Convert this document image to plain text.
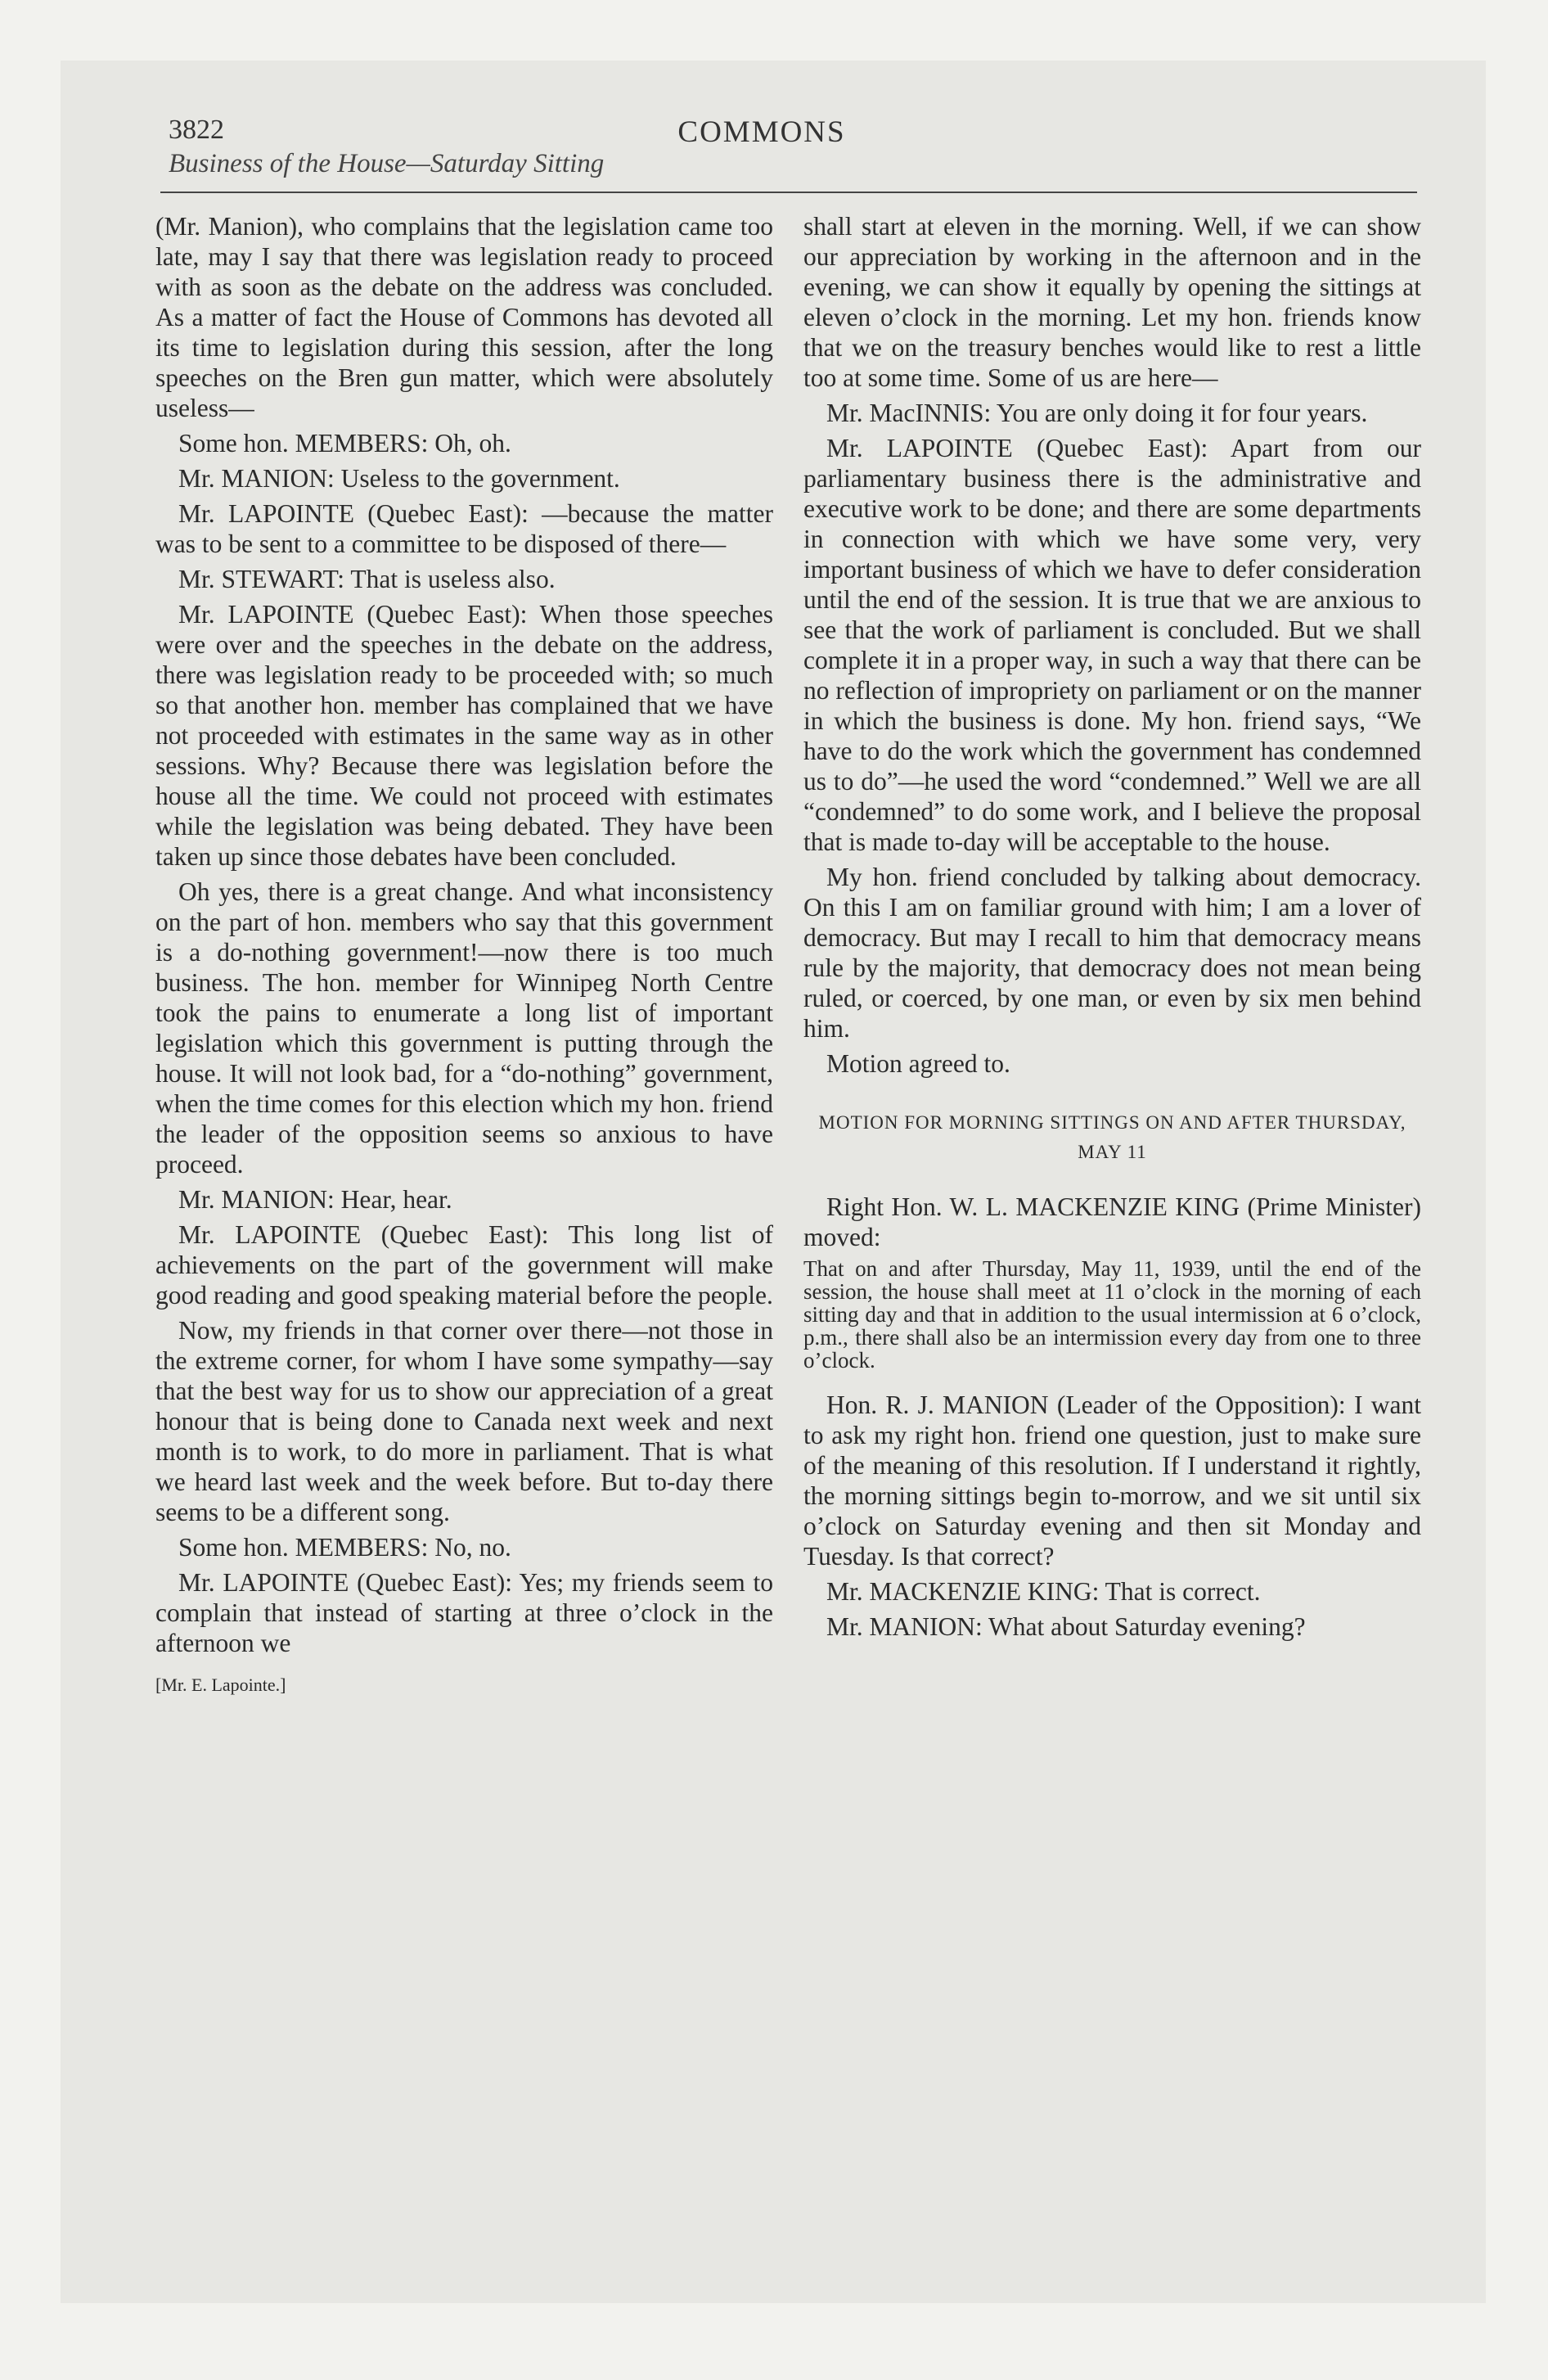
3822	COMMONS
Business of the House—Saturday Sitting

(Mr. Manion), who complains that the legislation came too late, may I say that there was legislation ready to proceed with as soon as the debate on the address was concluded. As a matter of fact the House of Commons has devoted all its time to legislation during this session, after the long speeches on the Bren gun matter, which were absolutely useless—

Some hon. MEMBERS: Oh, oh.

Mr. MANION: Useless to the government.

Mr. LAPOINTE (Quebec East): —because the matter was to be sent to a committee to be disposed of there—

Mr. STEWART: That is useless also.

Mr. LAPOINTE (Quebec East): When those speeches were over and the speeches in the debate on the address, there was legislation ready to be proceeded with; so much so that another hon. member has complained that we have not proceeded with estimates in the same way as in other sessions. Why? Because there was legislation before the house all the time. We could not proceed with estimates while the legislation was being debated. They have been taken up since those debates have been concluded.

Oh yes, there is a great change. And what inconsistency on the part of hon. members who say that this government is a do-nothing government!—now there is too much business. The hon. member for Winnipeg North Centre took the pains to enumerate a long list of important legislation which this government is putting through the house. It will not look bad, for a “do-nothing” government, when the time comes for this election which my hon. friend the leader of the opposition seems so anxious to have proceed.

Mr. MANION: Hear, hear.

Mr. LAPOINTE (Quebec East): This long list of achievements on the part of the government will make good reading and good speaking material before the people.

Now, my friends in that corner over there—not those in the extreme corner, for whom I have some sympathy—say that the best way for us to show our appreciation of a great honour that is being done to Canada next week and next month is to work, to do more in parliament. That is what we heard last week and the week before. But to-day there seems to be a different song.

Some hon. MEMBERS: No, no.

Mr. LAPOINTE (Quebec East): Yes; my friends seem to complain that instead of starting at three o’clock in the afternoon we

[Mr. E. Lapointe.]

shall start at eleven in the morning. Well, if we can show our appreciation by working in the afternoon and in the evening, we can show it equally by opening the sittings at eleven o’clock in the morning. Let my hon. friends know that we on the treasury benches would like to rest a little too at some time. Some of us are here—

Mr. MacINNIS: You are only doing it for four years.

Mr. LAPOINTE (Quebec East): Apart from our parliamentary business there is the administrative and executive work to be done; and there are some departments in connection with which we have some very, very important business of which we have to defer consideration until the end of the session. It is true that we are anxious to see that the work of parliament is concluded. But we shall complete it in a proper way, in such a way that there can be no reflection of impropriety on parliament or on the manner in which the business is done. My hon. friend says, “We have to do the work which the government has condemned us to do”—he used the word “condemned.” Well we are all “condemned” to do some work, and I believe the proposal that is made to-day will be acceptable to the house.

My hon. friend concluded by talking about democracy. On this I am on familiar ground with him; I am a lover of democracy. But may I recall to him that democracy means rule by the majority, that democracy does not mean being ruled, or coerced, by one man, or even by six men behind him.

Motion agreed to.

MOTION FOR MORNING SITTINGS ON AND AFTER THURSDAY, MAY 11

Right Hon. W. L. MACKENZIE KING (Prime Minister) moved:

That on and after Thursday, May 11, 1939, until the end of the session, the house shall meet at 11 o’clock in the morning of each sitting day and that in addition to the usual intermission at 6 o’clock, p.m., there shall also be an intermission every day from one to three o’clock.

Hon. R. J. MANION (Leader of the Opposition): I want to ask my right hon. friend one question, just to make sure of the meaning of this resolution. If I understand it rightly, the morning sittings begin to-morrow, and we sit until six o’clock on Saturday evening and then sit Monday and Tuesday. Is that correct?

Mr. MACKENZIE KING: That is correct.

Mr. MANION: What about Saturday evening?
